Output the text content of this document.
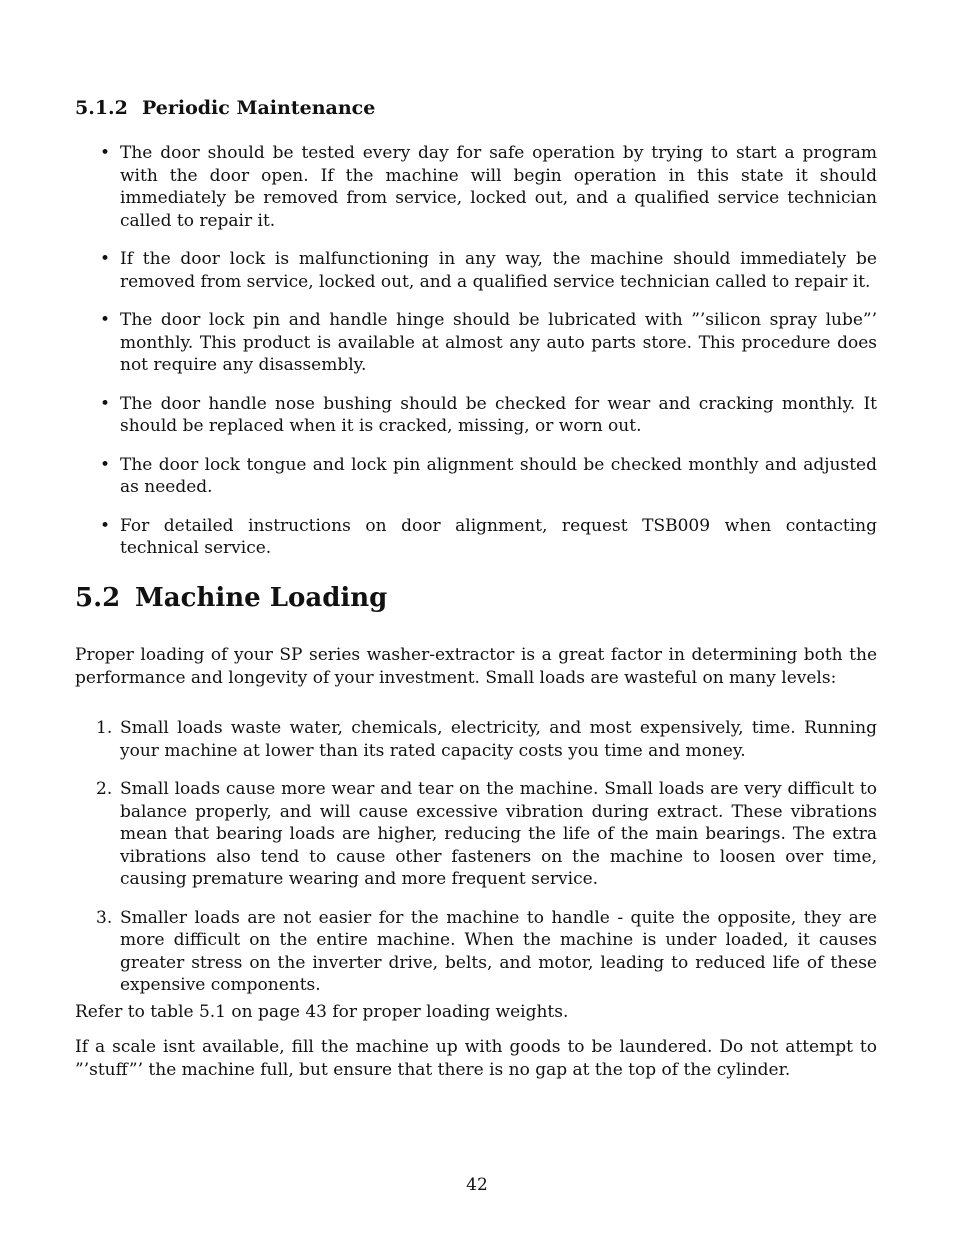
5.1.2 Periodic Maintenance
• The door should be tested every day for safe operation by trying to start a program with the door open. If the machine will begin operation in this state it should immediately be removed from service, locked out, and a qualified service technician called to repair it.
• If the door lock is malfunctioning in any way, the machine should immediately be removed from service, locked out, and a qualified service technician called to repair it.
• The door lock pin and handle hinge should be lubricated with ”’silicon spray lube”’ monthly. This product is available at almost any auto parts store. This procedure does not require any disassembly.
• The door handle nose bushing should be checked for wear and cracking monthly. It should be replaced when it is cracked, missing, or worn out.
• The door lock tongue and lock pin alignment should be checked monthly and adjusted as needed.
• For detailed instructions on door alignment, request TSB009 when contacting technical service.
5.2 Machine Loading

Proper loading of your SP series washer-extractor is a great factor in determining both the performance and longevity of your investment. Small loads are wasteful on many levels:

1. Small loads waste water, chemicals, electricity, and most expensively, time. Running your machine at lower than its rated capacity costs you time and money.
2. Small loads cause more wear and tear on the machine. Small loads are very difficult to balance properly, and will cause excessive vibration during extract. These vibrations mean that bearing loads are higher, reducing the life of the main bearings. The extra vibrations also tend to cause other fasteners on the machine to loosen over time, causing premature wearing and more frequent service.
3. Smaller loads are not easier for the machine to handle - quite the opposite, they are more difficult on the entire machine. When the machine is under loaded, it causes greater stress on the inverter drive, belts, and motor, leading to reduced life of these expensive components.

Refer to table 5.1 on page 43 for proper loading weights.

If a scale isnt available, fill the machine up with goods to be laundered. Do not attempt to ”’stuff”’ the machine full, but ensure that there is no gap at the top of the cylinder.

42
